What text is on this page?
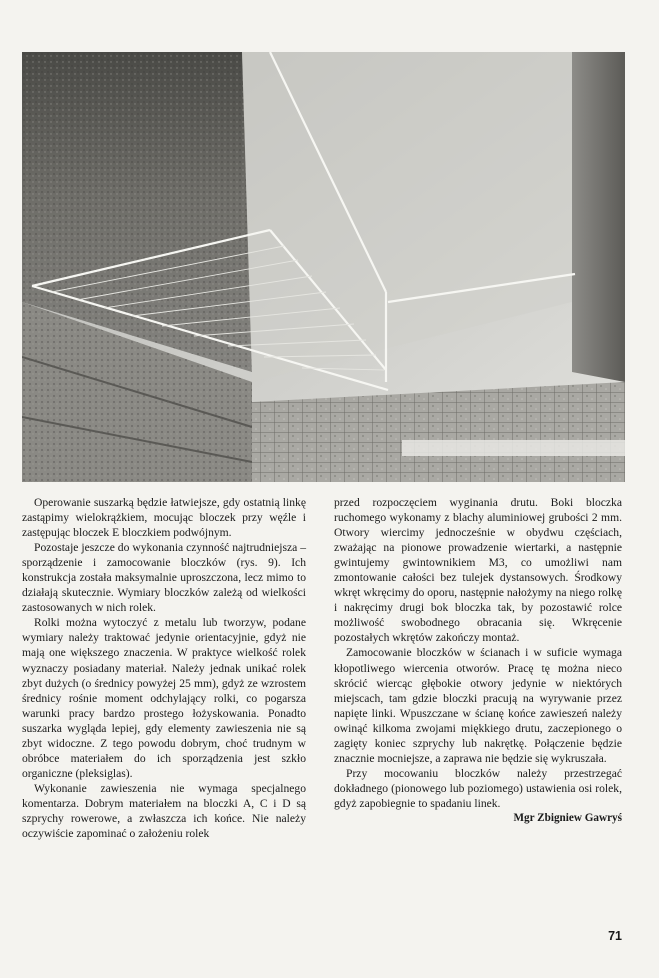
Operowanie suszarką będzie łatwiejsze, gdy ostatnią linkę zastąpimy wielokrążkiem, mocując bloczek przy węźle i zastępując bloczek E bloczkiem podwójnym.

Pozostaje jeszcze do wykonania czynność najtrudniejsza – sporządzenie i zamocowanie bloczków (rys. 9). Ich konstrukcja została maksymalnie uproszczona, lecz mimo to działają skutecznie. Wymiary bloczków zależą od wielkości zastosowanych w nich rolek.

Rolki można wytoczyć z metalu lub tworzyw, podane wymiary należy traktować jedynie orientacyjnie, gdyż nie mają one większego znaczenia. W praktyce wielkość rolek wyznaczy posiadany materiał. Należy jednak unikać rolek zbyt dużych (o średnicy powyżej 25 mm), gdyż ze wzrostem średnicy rośnie moment odchylający rolki, co pogarsza warunki pracy bardzo prostego łożyskowania. Ponadto suszarka wygląda lepiej, gdy elementy zawieszenia nie są zbyt widoczne. Z tego powodu dobrym, choć trudnym w obróbce materiałem do ich sporządzenia jest szkło organiczne (pleksiglas).

Wykonanie zawieszenia nie wymaga specjalnego komentarza. Dobrym materiałem na bloczki A, C i D są szprychy rowerowe, a zwłaszcza ich końce. Nie należy oczywiście zapominać o założeniu rolek

przed rozpoczęciem wyginania drutu. Boki bloczka ruchomego wykonamy z blachy aluminiowej grubości 2 mm. Otwory wiercimy jednocześnie w obydwu częściach, zważając na pionowe prowadzenie wiertarki, a następnie gwintujemy gwintownikiem M3, co umożliwi nam zmontowanie całości bez tulejek dystansowych. Środkowy wkręt wkręcimy do oporu, następnie nałożymy na niego rolkę i nakręcimy drugi bok bloczka tak, by pozostawić rolce możliwość swobodnego obracania się. Wkręcenie pozostałych wkrętów zakończy montaż.

Zamocowanie bloczków w ścianach i w suficie wymaga kłopotliwego wiercenia otworów. Pracę tę można nieco skrócić wiercąc głębokie otwory jedynie w niektórych miejscach, tam gdzie bloczki pracują na wyrywanie przez napięte linki. Wpuszczane w ścianę końce zawieszeń należy owinąć kilkoma zwojami miękkiego drutu, zaczepionego o zagięty koniec szprychy lub nakrętkę. Połączenie będzie znacznie mocniejsze, a zaprawa nie będzie się wykruszała.

Przy mocowaniu bloczków należy przestrzegać dokładnego (pionowego lub poziomego) ustawienia osi rolek, gdyż zapobiegnie to spadaniu linek.

Mgr Zbigniew Gawryś

71
